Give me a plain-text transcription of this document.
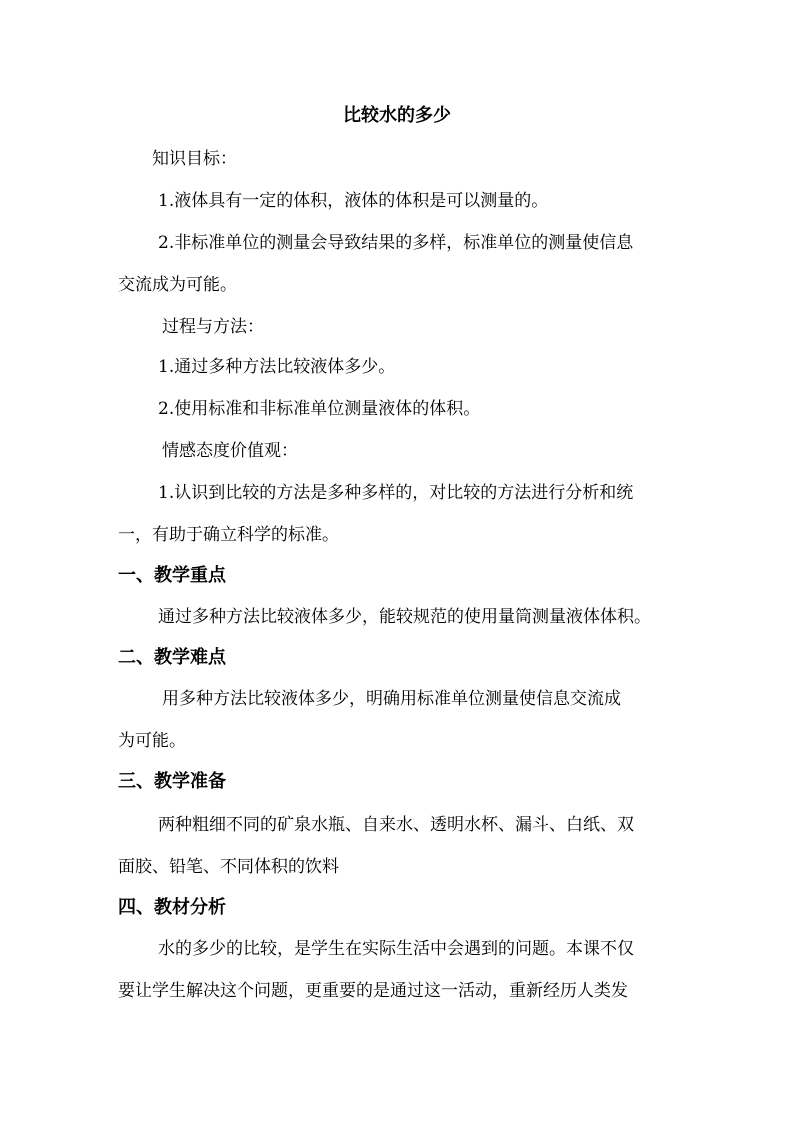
比较水的多少
知识目标：
1.液体具有一定的体积，液体的体积是可以测量的。
2.非标准单位的测量会导致结果的多样，标准单位的测量使信息
交流成为可能。
过程与方法：
1.通过多种方法比较液体多少。
2.使用标准和非标准单位测量液体的体积。
情感态度价值观：
1.认识到比较的方法是多种多样的，对比较的方法进行分析和统
一，有助于确立科学的标准。
一、教学重点
通过多种方法比较液体多少，能较规范的使用量筒测量液体体积。
二、教学难点
用多种方法比较液体多少，明确用标准单位测量使信息交流成
为可能。
三、教学准备
两种粗细不同的矿泉水瓶、自来水、透明水杯、漏斗、白纸、双
面胶、铅笔、不同体积的饮料
四、教材分析
水的多少的比较，是学生在实际生活中会遇到的问题。本课不仅
要让学生解决这个问题，更重要的是通过这一活动，重新经历人类发
